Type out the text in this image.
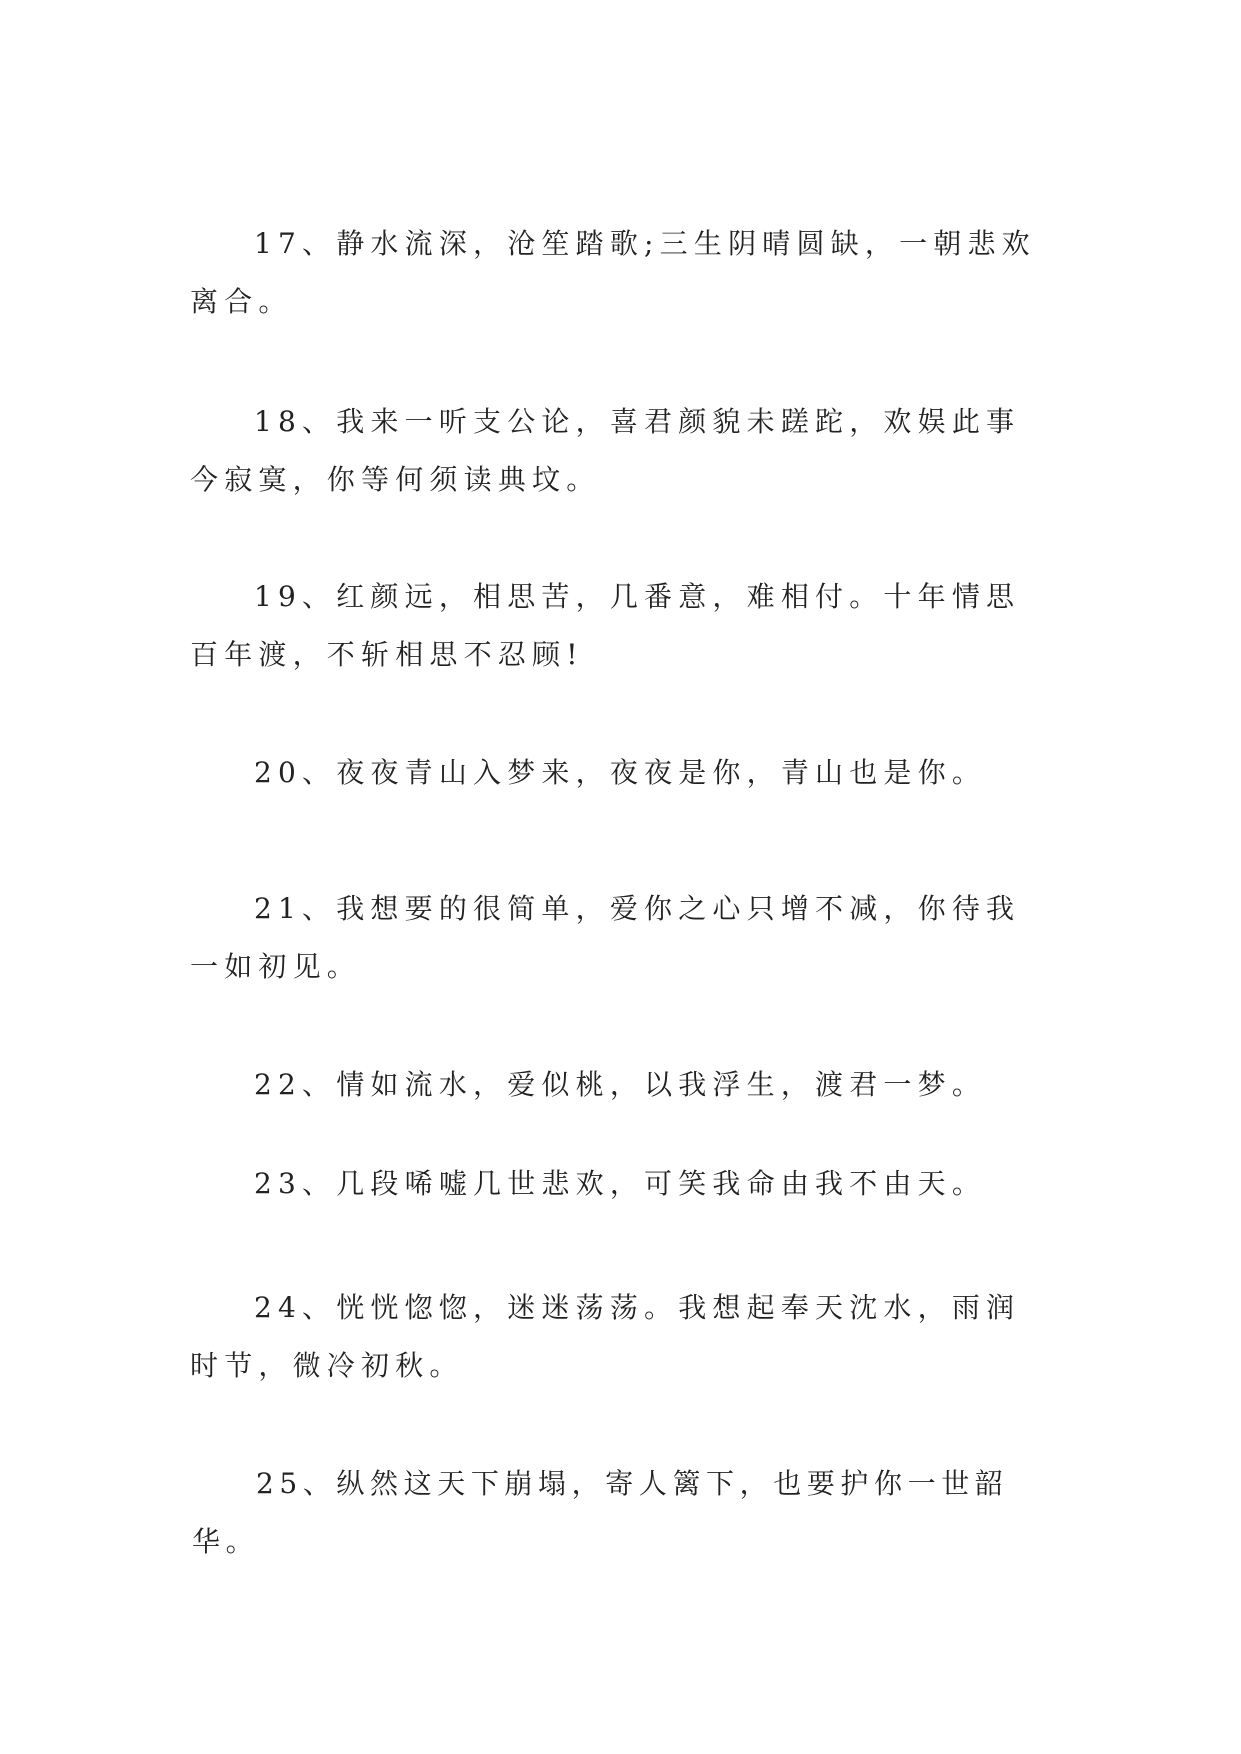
17、静水流深，沧笙踏歌;三生阴晴圆缺，一朝悲欢离合。

18、我来一听支公论，喜君颜貌未蹉跎，欢娱此事今寂寞，你等何须读典坟。

19、红颜远，相思苦，几番意，难相付。十年情思百年渡，不斩相思不忍顾!

20、夜夜青山入梦来，夜夜是你，青山也是你。

21、我想要的很简单，爱你之心只增不减，你待我一如初见。

22、情如流水，爱似桃，以我浮生，渡君一梦。

23、几段唏嘘几世悲欢，可笑我命由我不由天。

24、恍恍惚惚，迷迷荡荡。我想起奉天沈水，雨润时节，微冷初秋。

25、纵然这天下崩塌，寄人篱下，也要护你一世韶华。
